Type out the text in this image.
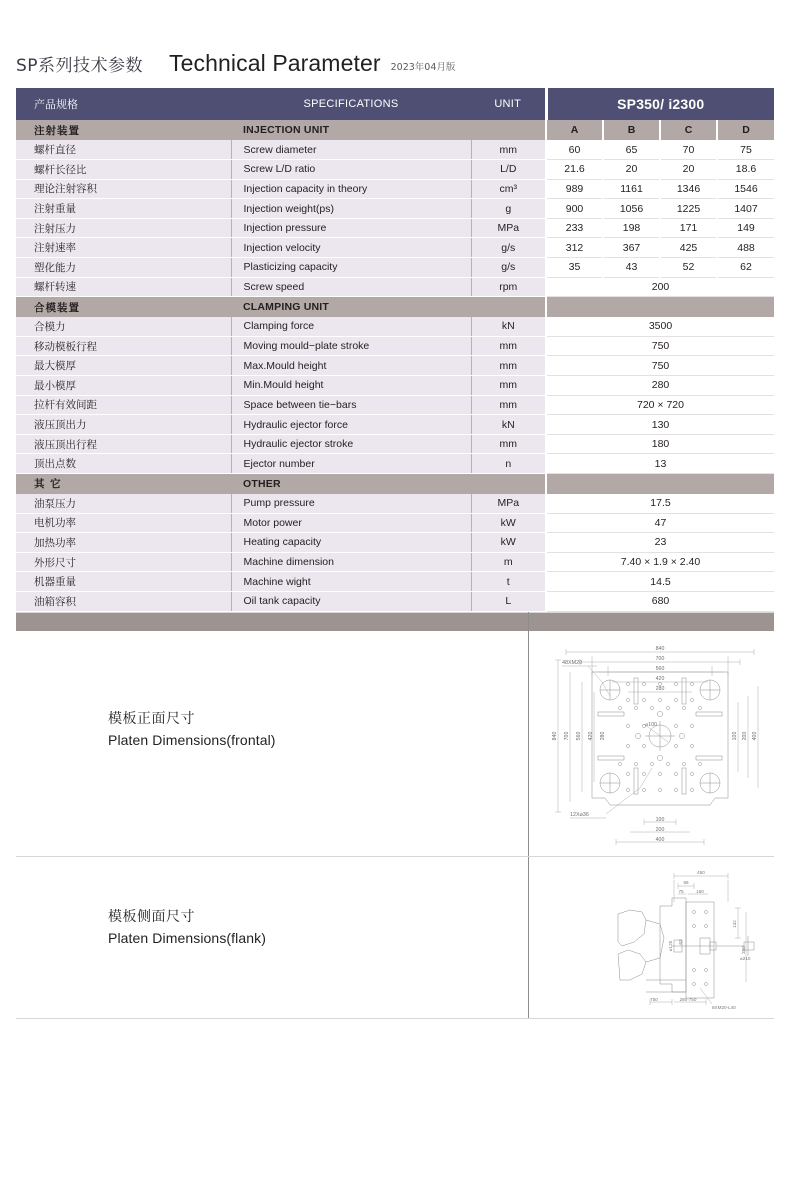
SP系列技术参数 Technical Parameter 2023年04月版
产品规格	SPECIFICATIONS	UNIT	SP350/ i2300			
注射装置	INJECTION UNIT		A	B	C	D
螺杆直径	Screw diameter	mm	60	65	70	75
螺杆长径比	Screw L/D ratio	L/D	21.6	20	20	18.6
理论注射容积	Injection capacity in theory	cm³	989	1161	1346	1546
注射重量	Injection weight(ps)	g	900	1056	1225	1407
注射压力	Injection pressure	MPa	233	198	171	149
注射速率	Injection velocity	g/s	312	367	425	488
塑化能力	Plasticizing capacity	g/s	35	43	52	62
螺杆转速	Screw speed	rpm	200			
合模装置	CLAMPING UNIT					
合模力	Clamping force	kN	3500			
移动模板行程	Moving mould−plate stroke	mm	750			
最大模厚	Max.Mould height	mm	750			
最小模厚	Min.Mould height	mm	280			
拉杆有效间距	Space between tie−bars	mm	720 × 720			
液压顶出力	Hydraulic ejector force	kN	130			
液压顶出行程	Hydraulic ejector stroke	mm	180			
顶出点数	Ejector number	n	13			
其 它	OTHER					
油泵压力	Pump pressure	MPa	17.5			
电机功率	Motor power	kW	47			
加热功率	Heating capacity	kW	23			
外形尺寸	Machine dimension	m	7.40 × 1.9 × 2.40			
机器重量	Machine wight	t	14.5			
油箱容积	Oil tank capacity	L	680			

模板正面尺寸
Platen Dimensions(frontal)
模板侧面尺寸
Platen Dimensions(flank)
840
700
560
420
280
100
200
400
⌀100
840 700 560 420 280	100 200 400
48XM20
12X⌀36
450
56
75	160
750	280-750
142
350
⌀125 63
8XM20-L40
⌀210
